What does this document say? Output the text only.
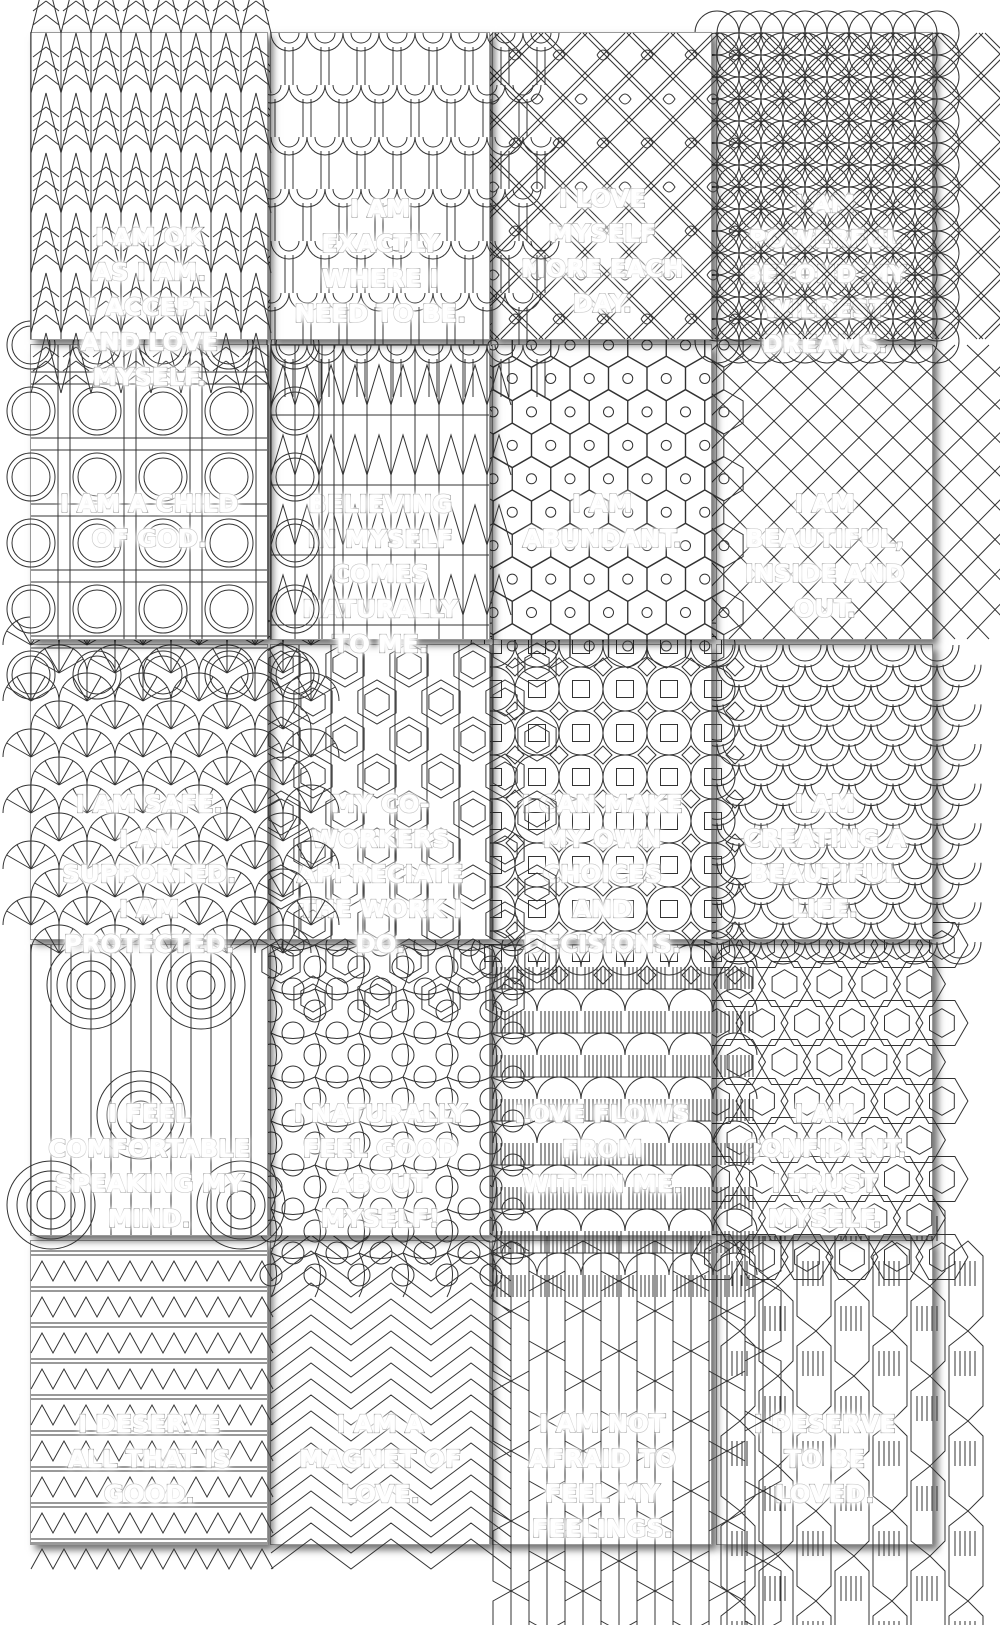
I AM OK
AS I AM.
I ACCEPT
AND LOVE
MYSELF.
I AM
EXACTLY
WHERE I
NEED TO BE.
I LOVE
MYSELF
MORE EACH
DAY.
I AM
POWERFUL
BEYOND MY
WILDEST
DREAMS.
I AM A CHILD
OF GOD.
BELIEVING
IN MYSELF
COMES
NATURALLY
TO ME.
I AM
ABUNDANT.
I AM
BEAUTIFUL,
INSIDE AND
OUT.
I AM SAFE.
I AM
SUPPORTED.
I AM
PROTECTED.
MY CO-
WORKERS
APPRECIATE
THE WORK I
DO.
I CAN MAKE
MY OWN
CHOICES
AND
DECISIONS.
I AM
CREATING A
BEAUTIFUL
LIFE.
I FEEL
COMFORTABLE
SPEAKING MY
MIND.
I NATURALLY
FEEL GOOD
ABOUT
MYSELF!
LOVE FLOWS
FROM
WITHIN ME.
I AM
CONFIDENT.
I TRUST
MYSELF.
I DESERVE
ALL THAT IS
GOOD.
I AM A
MAGNET OF
LOVE.
I AM NOT
AFRAID TO
FEEL MY
FEELINGS.
I DESERVE
TO BE
LOVED.
